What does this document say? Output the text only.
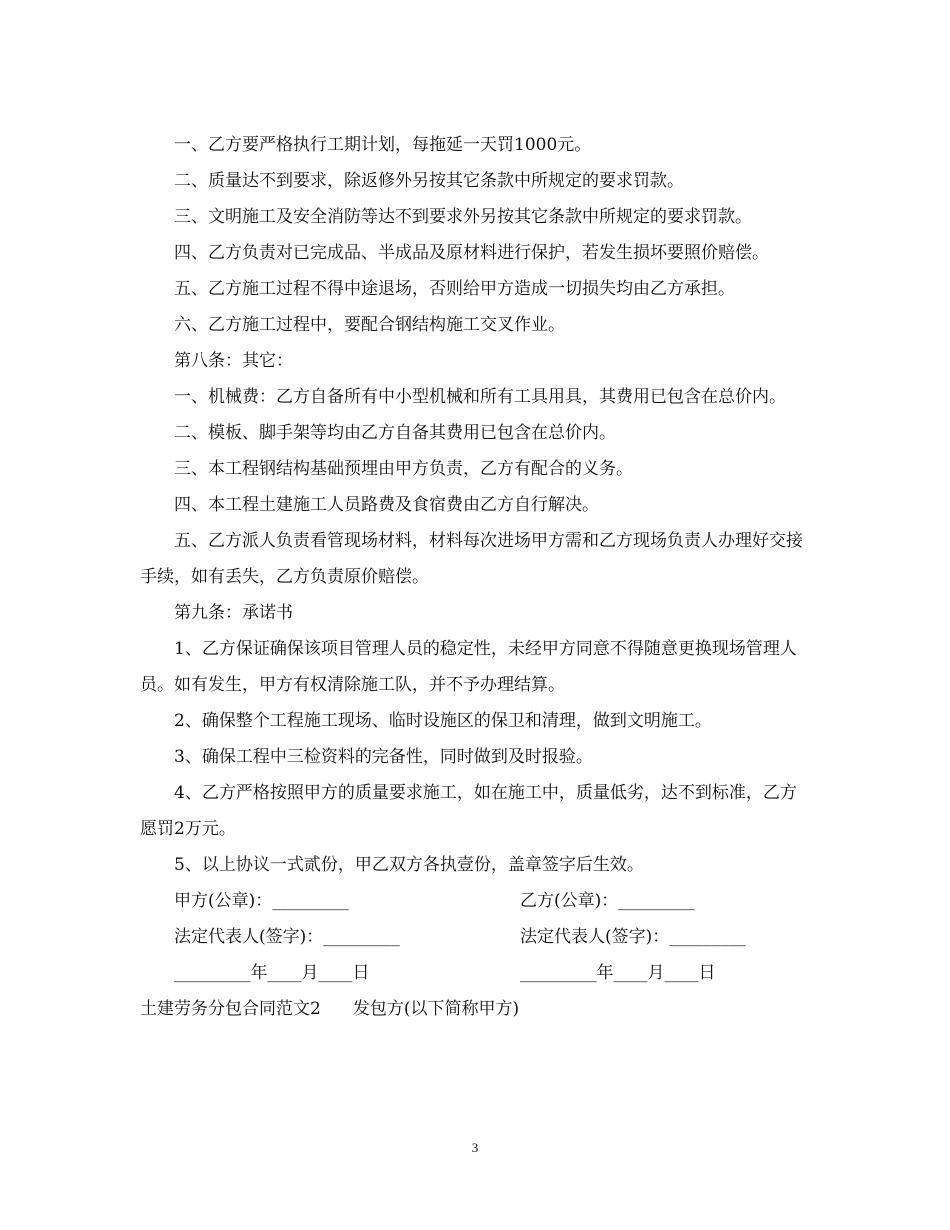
一、乙方要严格执行工期计划，每拖延一天罚1000元。

二、质量达不到要求，除返修外另按其它条款中所规定的要求罚款。

三、文明施工及安全消防等达不到要求外另按其它条款中所规定的要求罚款。

四、乙方负责对已完成品、半成品及原材料进行保护，若发生损坏要照价赔偿。

五、乙方施工过程不得中途退场，否则给甲方造成一切损失均由乙方承担。

六、乙方施工过程中，要配合钢结构施工交叉作业。

第八条：其它：

一、机械费：乙方自备所有中小型机械和所有工具用具，其费用已包含在总价内。

二、模板、脚手架等均由乙方自备其费用已包含在总价内。

三、本工程钢结构基础预埋由甲方负责，乙方有配合的义务。

四、本工程土建施工人员路费及食宿费由乙方自行解决。

五、乙方派人负责看管现场材料，材料每次进场甲方需和乙方现场负责人办理好交接手续，如有丢失，乙方负责原价赔偿。

第九条：承诺书

1、乙方保证确保该项目管理人员的稳定性，未经甲方同意不得随意更换现场管理人员。如有发生，甲方有权清除施工队，并不予办理结算。

2、确保整个工程施工现场、临时设施区的保卫和清理，做到文明施工。

3、确保工程中三检资料的完备性，同时做到及时报验。

4、乙方严格按照甲方的质量要求施工，如在施工中，质量低劣，达不到标准，乙方愿罚2万元。

5、以上协议一式贰份，甲乙双方各执壹份，盖章签字后生效。

甲方(公章)：_________	乙方(公章)：_________
法定代表人(签字)：_________	法定代表人(签字)：_________
_________年____月____日	_________年____月____日

土建劳务分包合同范文2 发包方(以下简称甲方)

3
